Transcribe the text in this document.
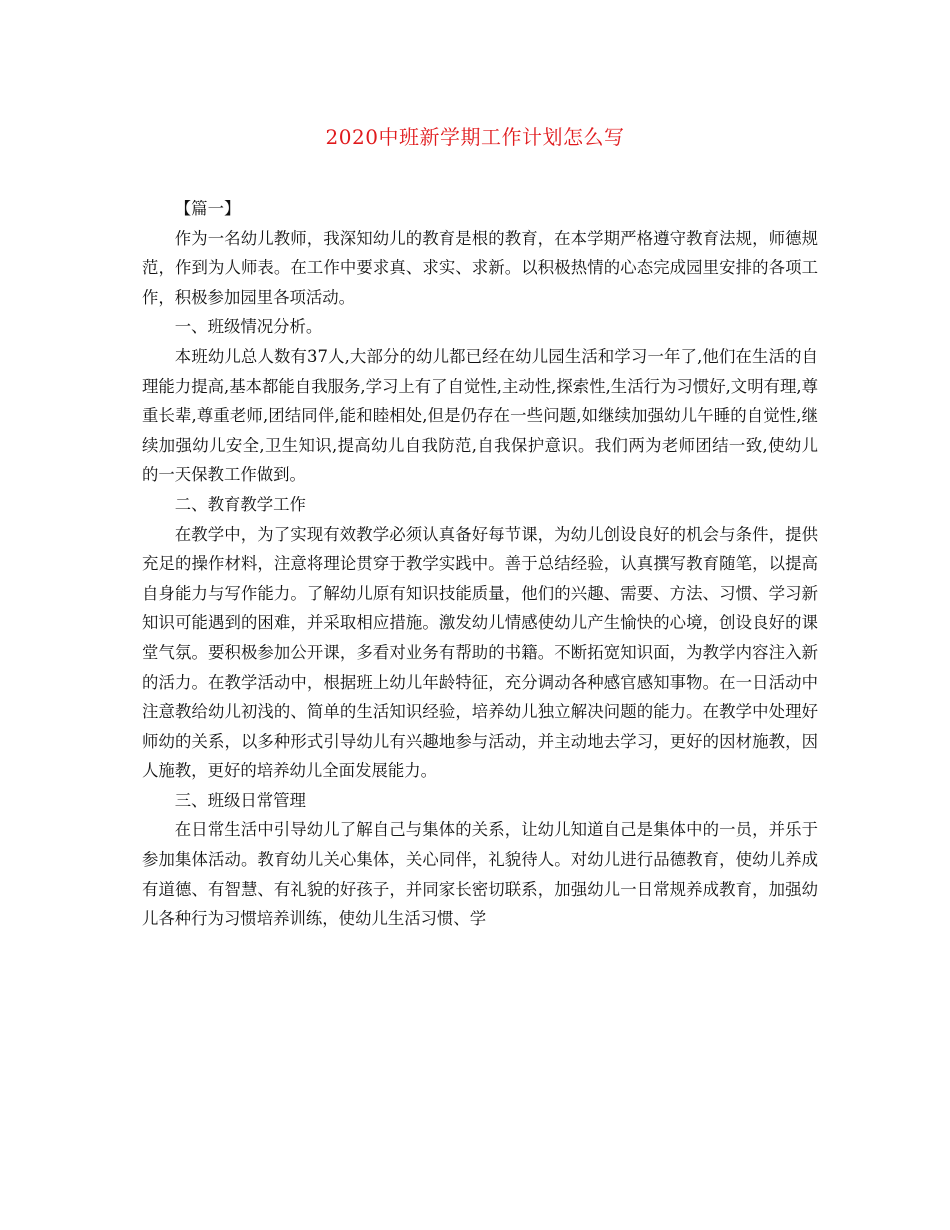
2020中班新学期工作计划怎么写

【篇一】

作为一名幼儿教师，我深知幼儿的教育是根的教育，在本学期严格遵守教育法规，师德规范，作到为人师表。在工作中要求真、求实、求新。以积极热情的心态完成园里安排的各项工作，积极参加园里各项活动。

一、班级情况分析。

本班幼儿总人数有37人,大部分的幼儿都已经在幼儿园生活和学习一年了,他们在生活的自理能力提高,基本都能自我服务,学习上有了自觉性,主动性,探索性,生活行为习惯好,文明有理,尊重长辈,尊重老师,团结同伴,能和睦相处,但是仍存在一些问题,如继续加强幼儿午睡的自觉性,继续加强幼儿安全,卫生知识,提高幼儿自我防范,自我保护意识。我们两为老师团结一致,使幼儿的一天保教工作做到。

二、教育教学工作

在教学中，为了实现有效教学必须认真备好每节课，为幼儿创设良好的机会与条件，提供充足的操作材料，注意将理论贯穿于教学实践中。善于总结经验，认真撰写教育随笔，以提高自身能力与写作能力。了解幼儿原有知识技能质量，他们的兴趣、需要、方法、习惯、学习新知识可能遇到的困难，并采取相应措施。激发幼儿情感使幼儿产生愉快的心境，创设良好的课堂气氛。要积极参加公开课，多看对业务有帮助的书籍。不断拓宽知识面，为教学内容注入新的活力。在教学活动中，根据班上幼儿年龄特征，充分调动各种感官感知事物。在一日活动中注意教给幼儿初浅的、简单的生活知识经验，培养幼儿独立解决问题的能力。在教学中处理好师幼的关系，以多种形式引导幼儿有兴趣地参与活动，并主动地去学习，更好的因材施教，因人施教，更好的培养幼儿全面发展能力。

三、班级日常管理

在日常生活中引导幼儿了解自己与集体的关系，让幼儿知道自己是集体中的一员，并乐于参加集体活动。教育幼儿关心集体，关心同伴，礼貌待人。对幼儿进行品德教育，使幼儿养成有道德、有智慧、有礼貌的好孩子，并同家长密切联系，加强幼儿一日常规养成教育，加强幼儿各种行为习惯培养训练，使幼儿生活习惯、学
